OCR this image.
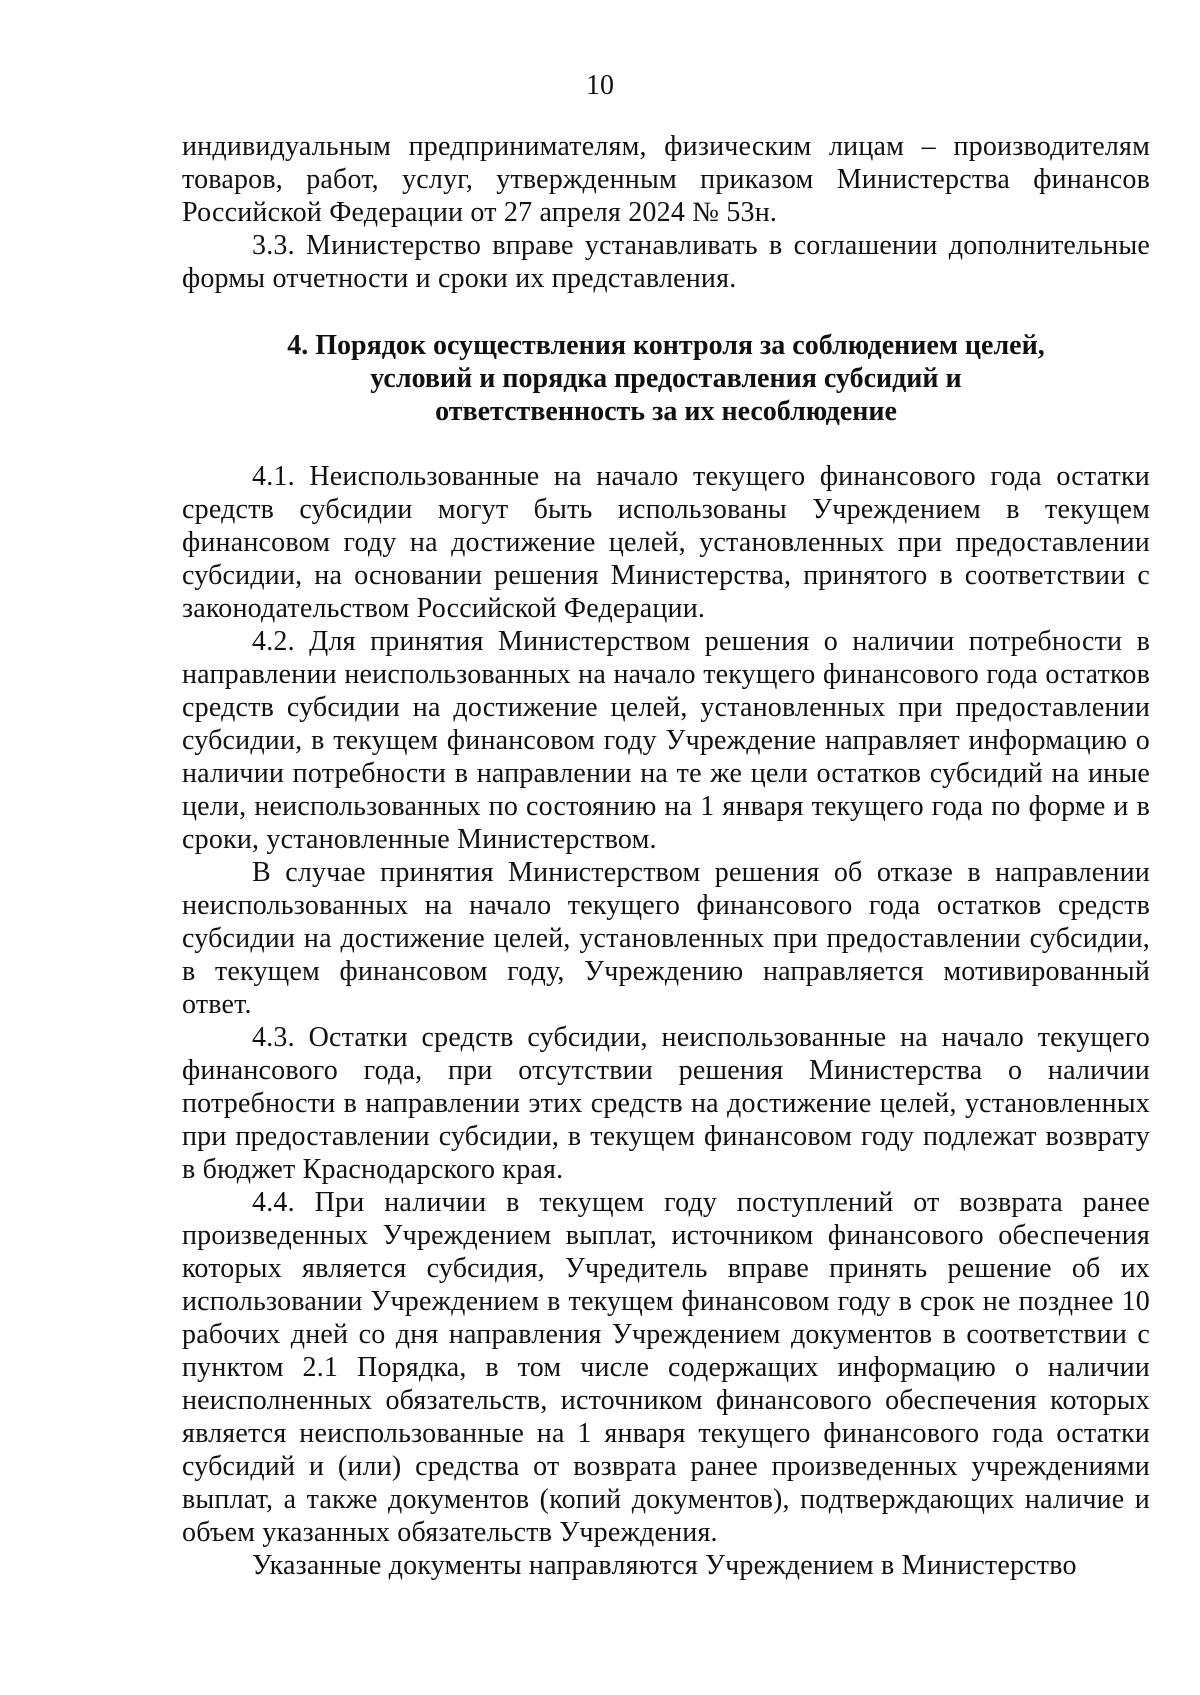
10

индивидуальным предпринимателям, физическим лицам – производителям товаров, работ, услуг, утвержденным приказом Министерства финансов Российской Федерации от 27 апреля 2024 № 53н.

3.3. Министерство вправе устанавливать в соглашении дополнительные формы отчетности и сроки их представления.

4. Порядок осуществления контроля за соблюдением целей,
условий и порядка предоставления субсидий и
ответственность за их несоблюдение

4.1. Неиспользованные на начало текущего финансового года остатки средств субсидии могут быть использованы Учреждением в текущем финансовом году на достижение целей, установленных при предоставлении субсидии, на основании решения Министерства, принятого в соответствии с законодательством Российской Федерации.

4.2. Для принятия Министерством решения о наличии потребности в направлении неиспользованных на начало текущего финансового года остатков средств субсидии на достижение целей, установленных при предоставлении субсидии, в текущем финансовом году Учреждение направляет информацию о наличии потребности в направлении на те же цели остатков субсидий на иные цели, неиспользованных по состоянию на 1 января текущего года по форме и в сроки, установленные Министерством.

В случае принятия Министерством решения об отказе в направлении неиспользованных на начало текущего финансового года остатков средств субсидии на достижение целей, установленных при предоставлении субсидии, в текущем финансовом году, Учреждению направляется мотивированный ответ.

4.3. Остатки средств субсидии, неиспользованные на начало текущего финансового года, при отсутствии решения Министерства о наличии потребности в направлении этих средств на достижение целей, установленных при предоставлении субсидии, в текущем финансовом году подлежат возврату в бюджет Краснодарского края.

4.4. При наличии в текущем году поступлений от возврата ранее произведенных Учреждением выплат, источником финансового обеспечения которых является субсидия, Учредитель вправе принять решение об их использовании Учреждением в текущем финансовом году в срок не позднее 10 рабочих дней со дня направления Учреждением документов в соответствии с пунктом 2.1 Порядка, в том числе содержащих информацию о наличии неисполненных обязательств, источником финансового обеспечения которых является неиспользованные на 1 января текущего финансового года остатки субсидий и (или) средства от возврата ранее произведенных учреждениями выплат, а также документов (копий документов), подтверждающих наличие и объем указанных обязательств Учреждения.

Указанные документы направляются Учреждением в Министерство
